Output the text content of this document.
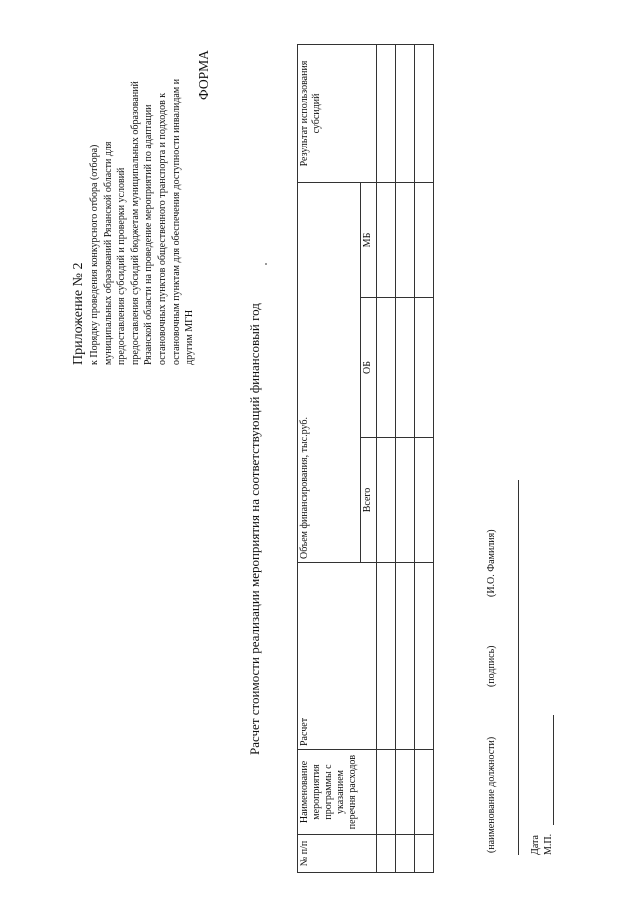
Приложение № 2 к Порядку проведения конкурсного отбора (отбора) муниципальных образований Рязанской области для предоставления субсидий и проверки условий предоставления субсидий бюджетам муниципальных образований Рязанской области на проведение мероприятий по адаптации остановочных пунктов общественного транспорта и подходов к остановочным пунктам для обеспечения доступности инвалидам и другим МГН
ФОРМА
Расчет стоимости реализации мероприятия на соответствующий финансовый год
№ п/п	Наименование мероприятия программы с указанием перечня расходов	Расчет	Объем финансирования, тыс.руб.			Результат использования субсидий
			Всего	ОБ	МБ	

(наименование должности)
(подпись)
(И.О. Фамилия)
Дата М.П.
